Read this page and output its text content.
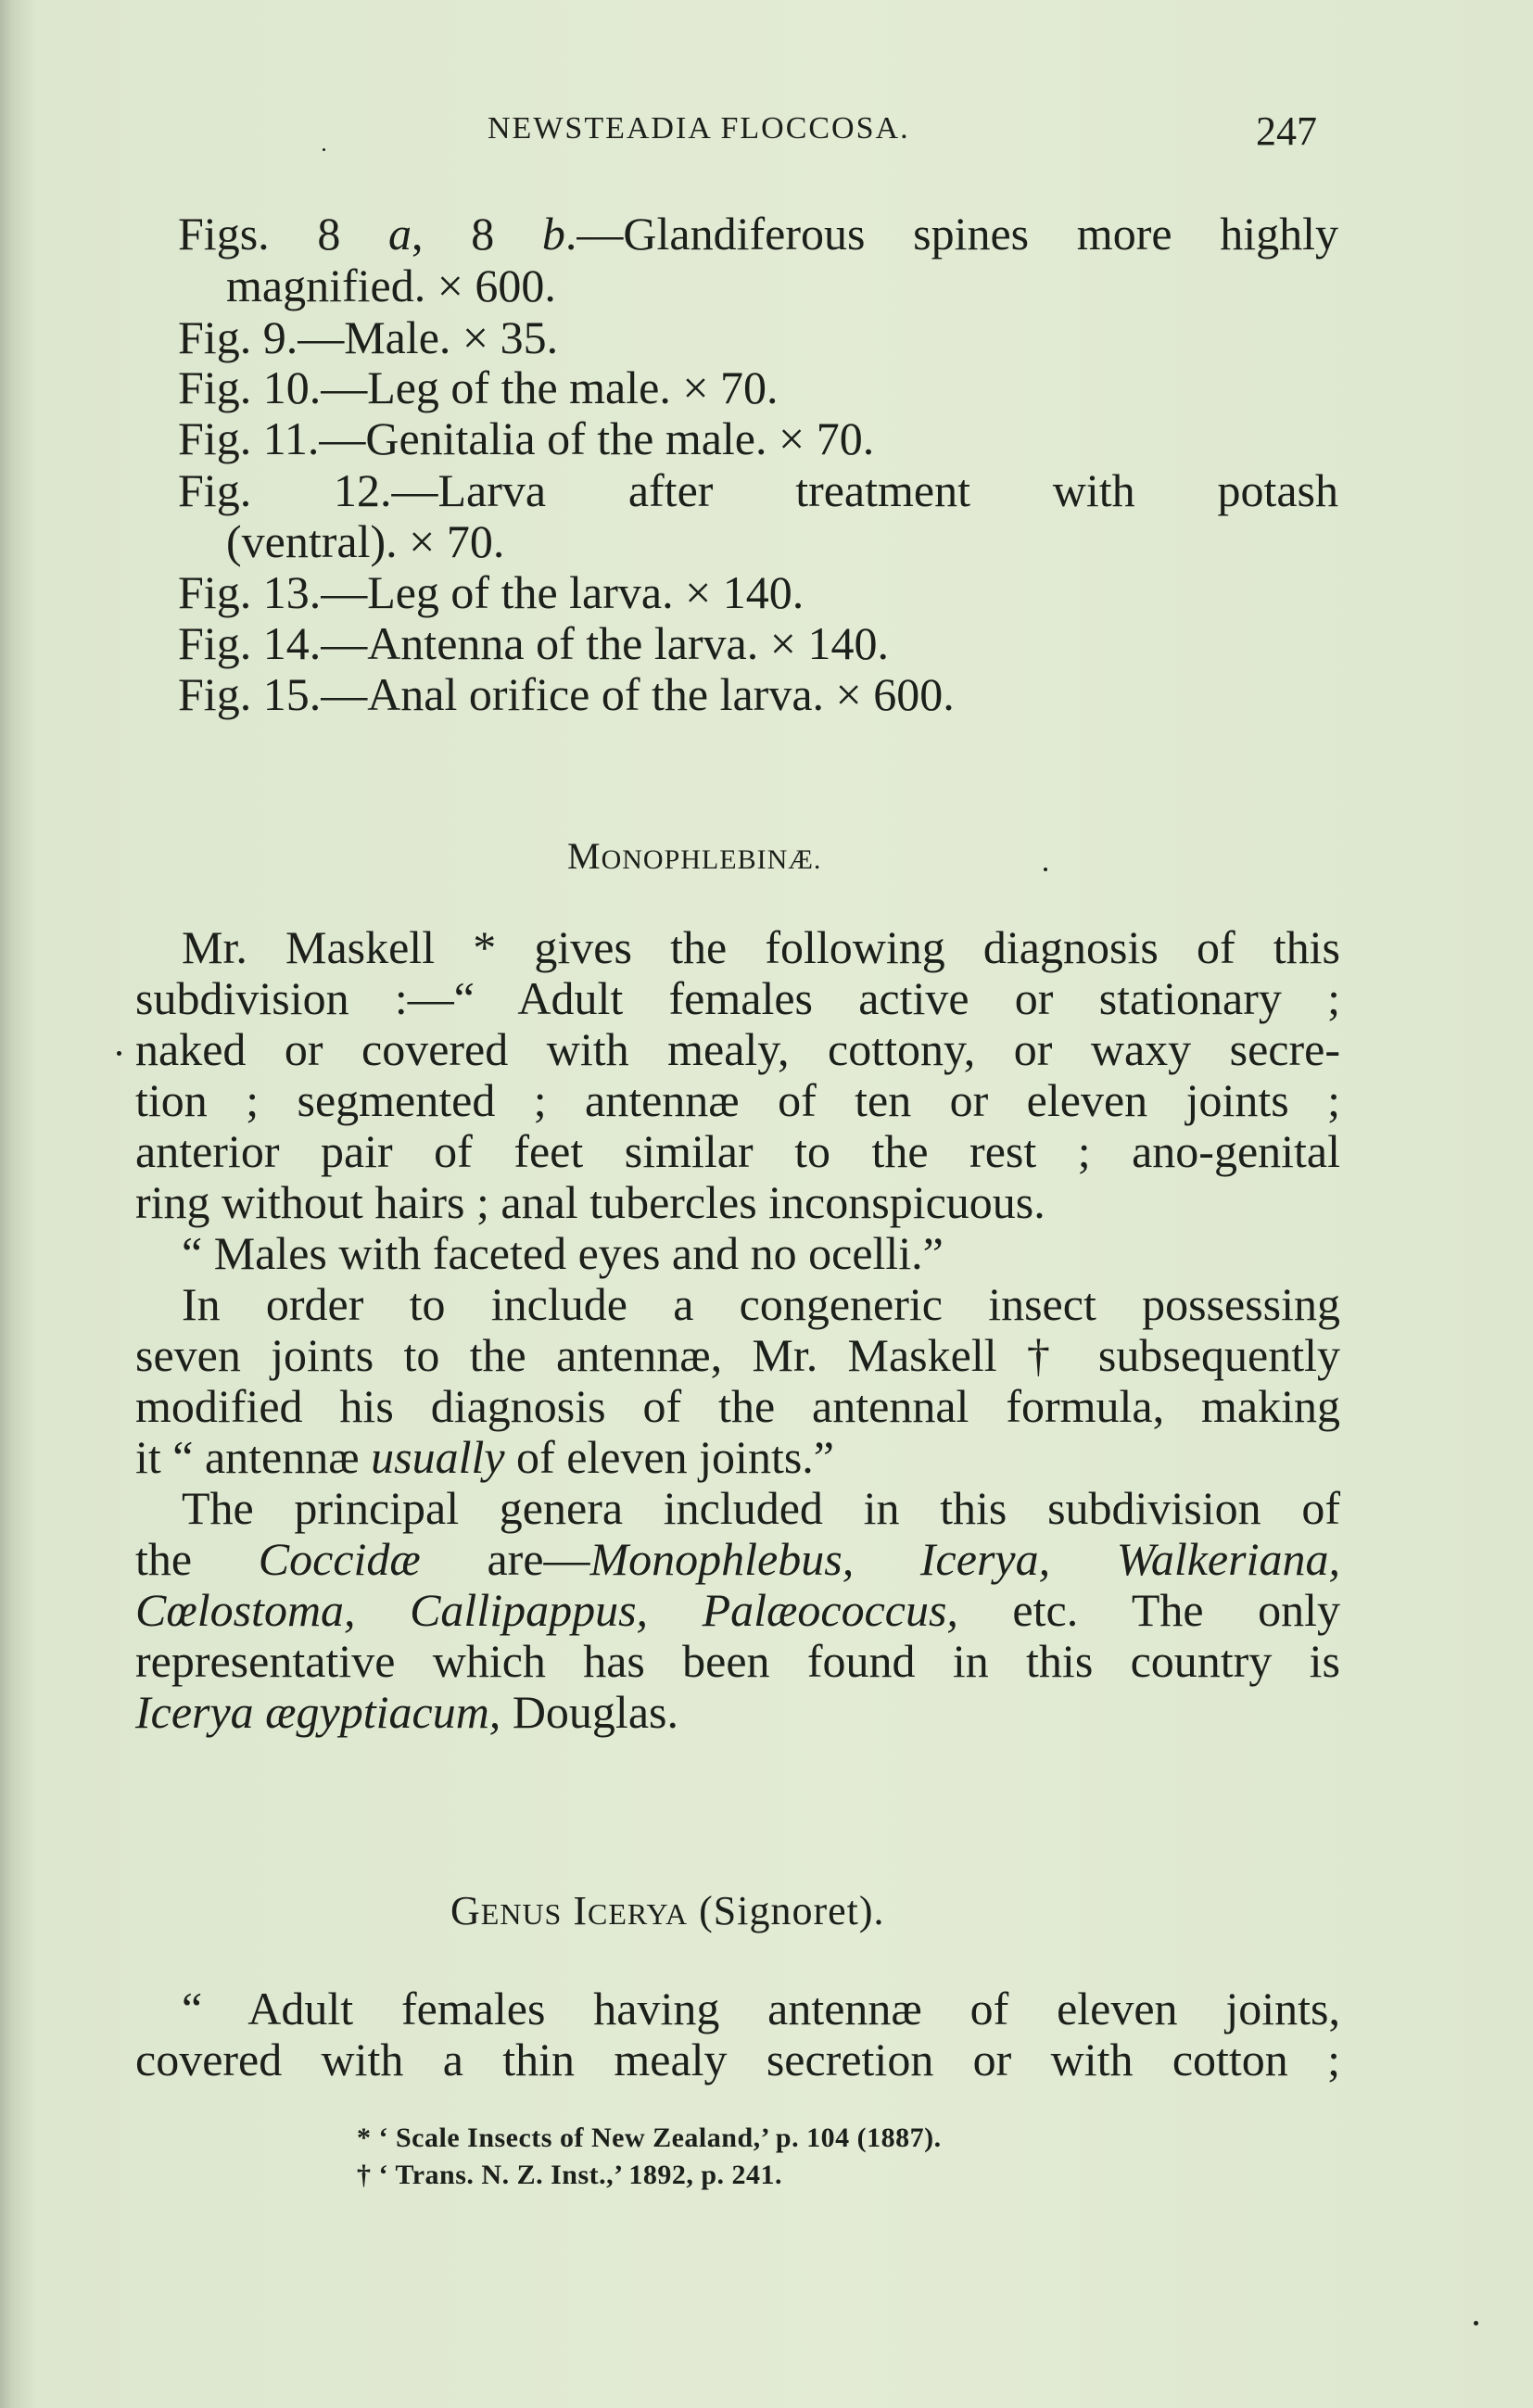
NEWSTEADIA FLOCCOSA.	247
Figs. 8 a, 8 b.—Glandiferous spines more highly
magnified. × 600.
Fig. 9.—Male. × 35.
Fig. 10.—Leg of the male. × 70.
Fig. 11.—Genitalia of the male. × 70.
Fig. 12.—Larva after treatment with potash
(ventral). × 70.
Fig. 13.—Leg of the larva. × 140.
Fig. 14.—Antenna of the larva. × 140.
Fig. 15.—Anal orifice of the larva. × 600.
MONOPHLEBINÆ.
Mr. Maskell * gives the following diagnosis of this
subdivision :—“ Adult females active or stationary ;
naked or covered with mealy, cottony, or waxy secre-
tion ; segmented ; antennæ of ten or eleven joints ;
anterior pair of feet similar to the rest ; ano-genital
ring without hairs ; anal tubercles inconspicuous.
“ Males with faceted eyes and no ocelli.”
In order to include a congeneric insect possessing
seven joints to the antennæ, Mr. Maskell † subsequently
modified his diagnosis of the antennal formula, making
it “ antennæ usually of eleven joints.”
The principal genera included in this subdivision of
the Coccidæ are—Monophlebus, Icerya, Walkeriana,
Cœlostoma, Callipappus, Palæococcus, etc. The only
representative which has been found in this country is
Icerya ægyptiacum, Douglas.
GENUS ICERYA (Signoret).
“ Adult females having antennæ of eleven joints,
covered with a thin mealy secretion or with cotton ;
* ‘ Scale Insects of New Zealand,’ p. 104 (1887).
† ‘ Trans. N. Z. Inst.,’ 1892, p. 241.
